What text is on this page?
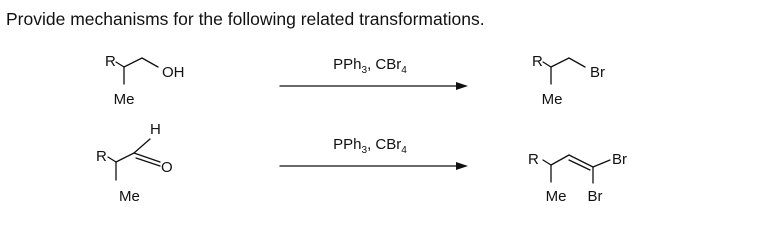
Provide mechanisms for the following related transformations.
R
OH
Me
PPh$_3$, CBr$_4$
R
Br
Me
R
H
O
Me
PPh$_3$, CBr$_4$
R	Br
Me Br
